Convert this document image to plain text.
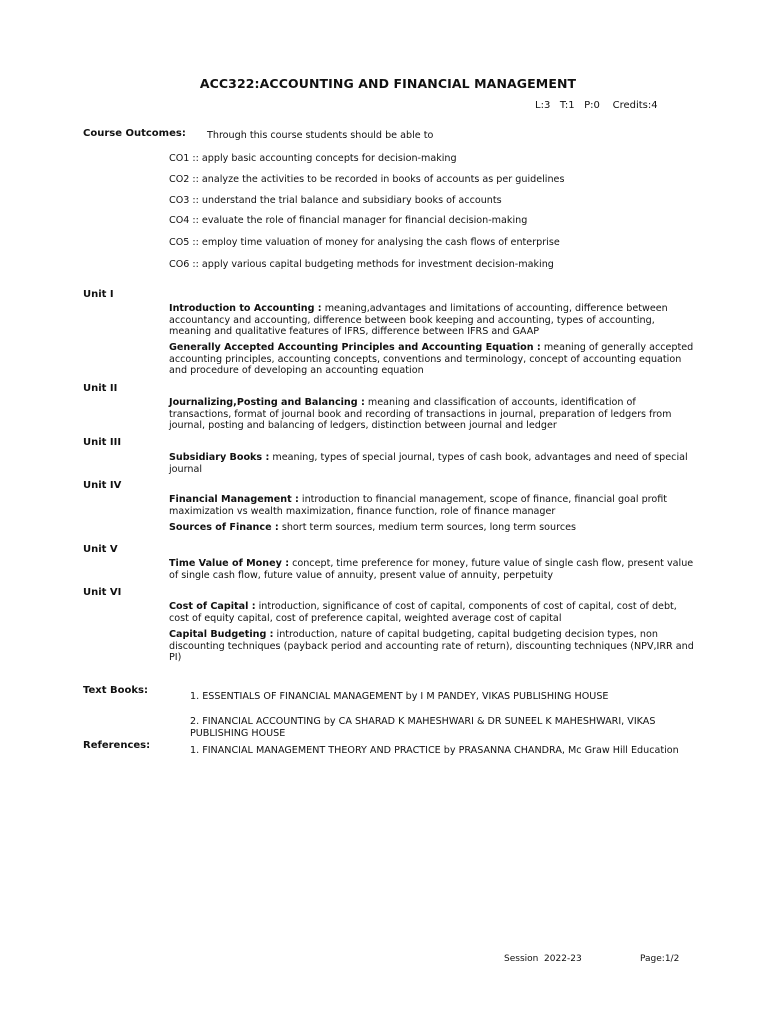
ACC322:ACCOUNTING AND FINANCIAL MANAGEMENT
L:3   T:1   P:0    Credits:4
Course Outcomes: Through this course students should be able to
CO1 :: apply basic accounting concepts for decision-making
CO2 :: analyze the activities to be recorded in books of accounts as per guidelines
CO3 :: understand the trial balance and subsidiary books of accounts
CO4 :: evaluate the role of financial manager for financial decision-making
CO5 :: employ time valuation of money for analysing the cash flows of enterprise
CO6 :: apply various capital budgeting methods for investment decision-making
Unit I
Introduction to Accounting : meaning,advantages and limitations of accounting, difference between accountancy and accounting, difference between book keeping and accounting, types of accounting, meaning and qualitative features of IFRS, difference between IFRS and GAAP
Generally Accepted Accounting Principles and Accounting Equation : meaning of generally accepted accounting principles, accounting concepts, conventions and terminology, concept of accounting equation and procedure of developing an accounting equation
Unit II
Journalizing,Posting and Balancing : meaning and classification of accounts, identification of transactions, format of journal book and recording of transactions in journal, preparation of ledgers from journal, posting and balancing of ledgers, distinction between journal and ledger
Unit III
Subsidiary Books : meaning, types of special journal, types of cash book, advantages and need of special journal
Unit IV
Financial Management : introduction to financial management, scope of finance, financial goal profit maximization vs wealth maximization, finance function, role of finance manager
Sources of Finance : short term sources, medium term sources, long term sources
Unit V
Time Value of Money : concept, time preference for money, future value of single cash flow, present value of single cash flow, future value of annuity, present value of annuity, perpetuity
Unit VI
Cost of Capital : introduction, significance of cost of capital, components of cost of capital, cost of debt, cost of equity capital, cost of preference capital, weighted average cost of capital
Capital Budgeting : introduction, nature of capital budgeting, capital budgeting decision types, non discounting techniques (payback period and accounting rate of return), discounting techniques (NPV,IRR and PI)
Text Books:
1. ESSENTIALS OF FINANCIAL MANAGEMENT by I M PANDEY, VIKAS PUBLISHING HOUSE
2. FINANCIAL ACCOUNTING by CA SHARAD K MAHESHWARI & DR SUNEEL K MAHESHWARI, VIKAS PUBLISHING HOUSE
References:	1. FINANCIAL MANAGEMENT THEORY AND PRACTICE by PRASANNA CHANDRA, Mc Graw Hill Education
Session  2022-23	Page:1/2
